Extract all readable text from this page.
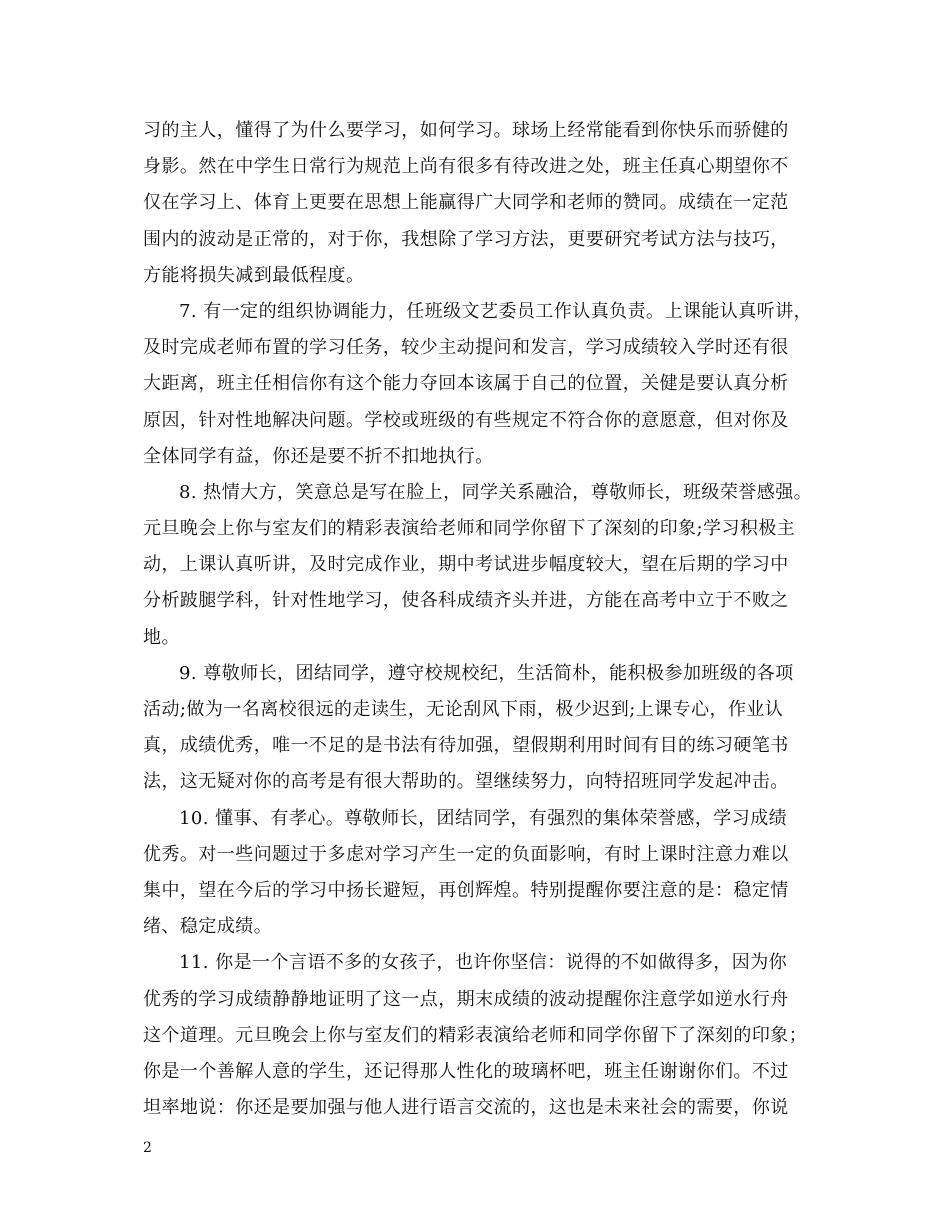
习的主人，懂得了为什么要学习，如何学习。球场上经常能看到你快乐而骄健的
身影。然在中学生日常行为规范上尚有很多有待改进之处，班主任真心期望你不
仅在学习上、体育上更要在思想上能赢得广大同学和老师的赞同。成绩在一定范
围内的波动是正常的，对于你，我想除了学习方法，更要研究考试方法与技巧，
方能将损失减到最低程度。
7. 有一定的组织协调能力，任班级文艺委员工作认真负责。上课能认真听讲，
及时完成老师布置的学习任务，较少主动提问和发言，学习成绩较入学时还有很
大距离，班主任相信你有这个能力夺回本该属于自己的位置，关健是要认真分析
原因，针对性地解决问题。学校或班级的有些规定不符合你的意愿意，但对你及
全体同学有益，你还是要不折不扣地执行。
8. 热情大方，笑意总是写在脸上，同学关系融洽，尊敬师长，班级荣誉感强。
元旦晚会上你与室友们的精彩表演给老师和同学你留下了深刻的印象;学习积极主
动，上课认真听讲，及时完成作业，期中考试进步幅度较大，望在后期的学习中
分析跛腿学科，针对性地学习，使各科成绩齐头并进，方能在高考中立于不败之
地。
9. 尊敬师长，团结同学，遵守校规校纪，生活简朴，能积极参加班级的各项
活动;做为一名离校很远的走读生，无论刮风下雨，极少迟到;上课专心，作业认
真，成绩优秀，唯一不足的是书法有待加强，望假期利用时间有目的练习硬笔书
法，这无疑对你的高考是有很大帮助的。望继续努力，向特招班同学发起冲击。
10. 懂事、有孝心。尊敬师长，团结同学，有强烈的集体荣誉感，学习成绩
优秀。对一些问题过于多虑对学习产生一定的负面影响，有时上课时注意力难以
集中，望在今后的学习中扬长避短，再创辉煌。特别提醒你要注意的是：稳定情
绪、稳定成绩。
11. 你是一个言语不多的女孩子，也许你坚信：说得的不如做得多，因为你
优秀的学习成绩静静地证明了这一点，期末成绩的波动提醒你注意学如逆水行舟
这个道理。元旦晚会上你与室友们的精彩表演给老师和同学你留下了深刻的印象；
你是一个善解人意的学生，还记得那人性化的玻璃杯吧，班主任谢谢你们。不过
坦率地说：你还是要加强与他人进行语言交流的，这也是未来社会的需要，你说
2
